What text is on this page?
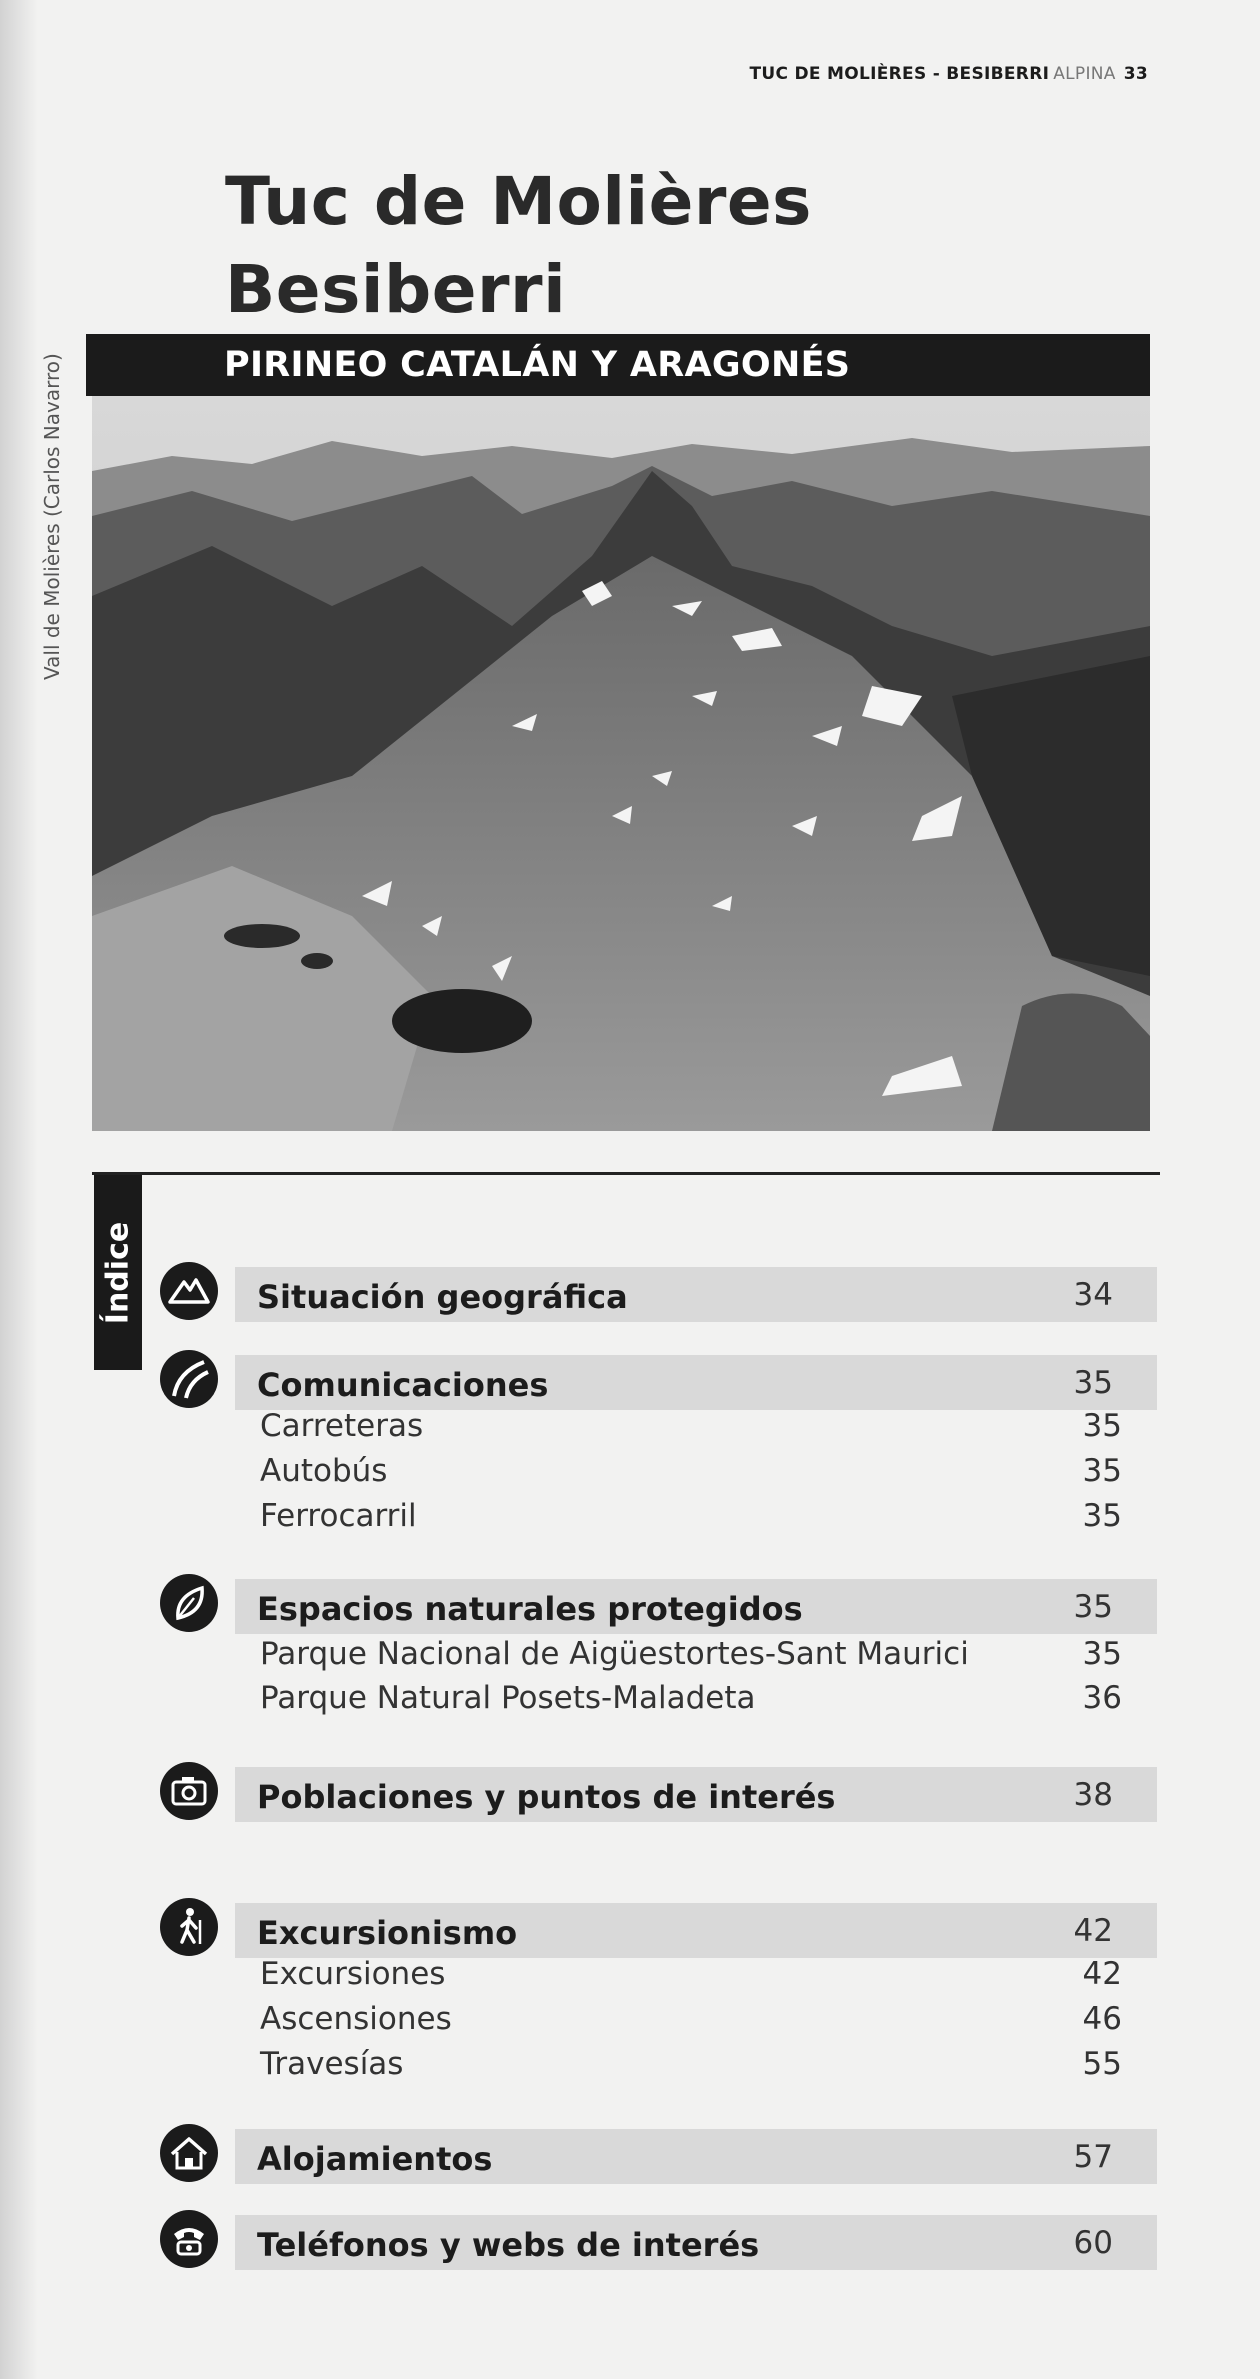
TUC DE MOLIÈRES - BESIBERRI ALPINA 33
Tuc de Molières
Besiberri
PIRINEO CATALÁN Y ARAGONÉS
Vall de Molières (Carlos Navarro)
Índice	Situación geográfica	34
Comunicaciones	35
Carreteras	35
Autobús	35
Ferrocarril	35
Espacios naturales protegidos	35
Parque Nacional de Aigüestortes-Sant Maurici	35
Parque Natural Posets-Maladeta	36
Poblaciones y puntos de interés	38
Excursionismo	42
Excursiones	42
Ascensiones	46
Travesías	55
Alojamientos	57
Teléfonos y webs de interés	60
